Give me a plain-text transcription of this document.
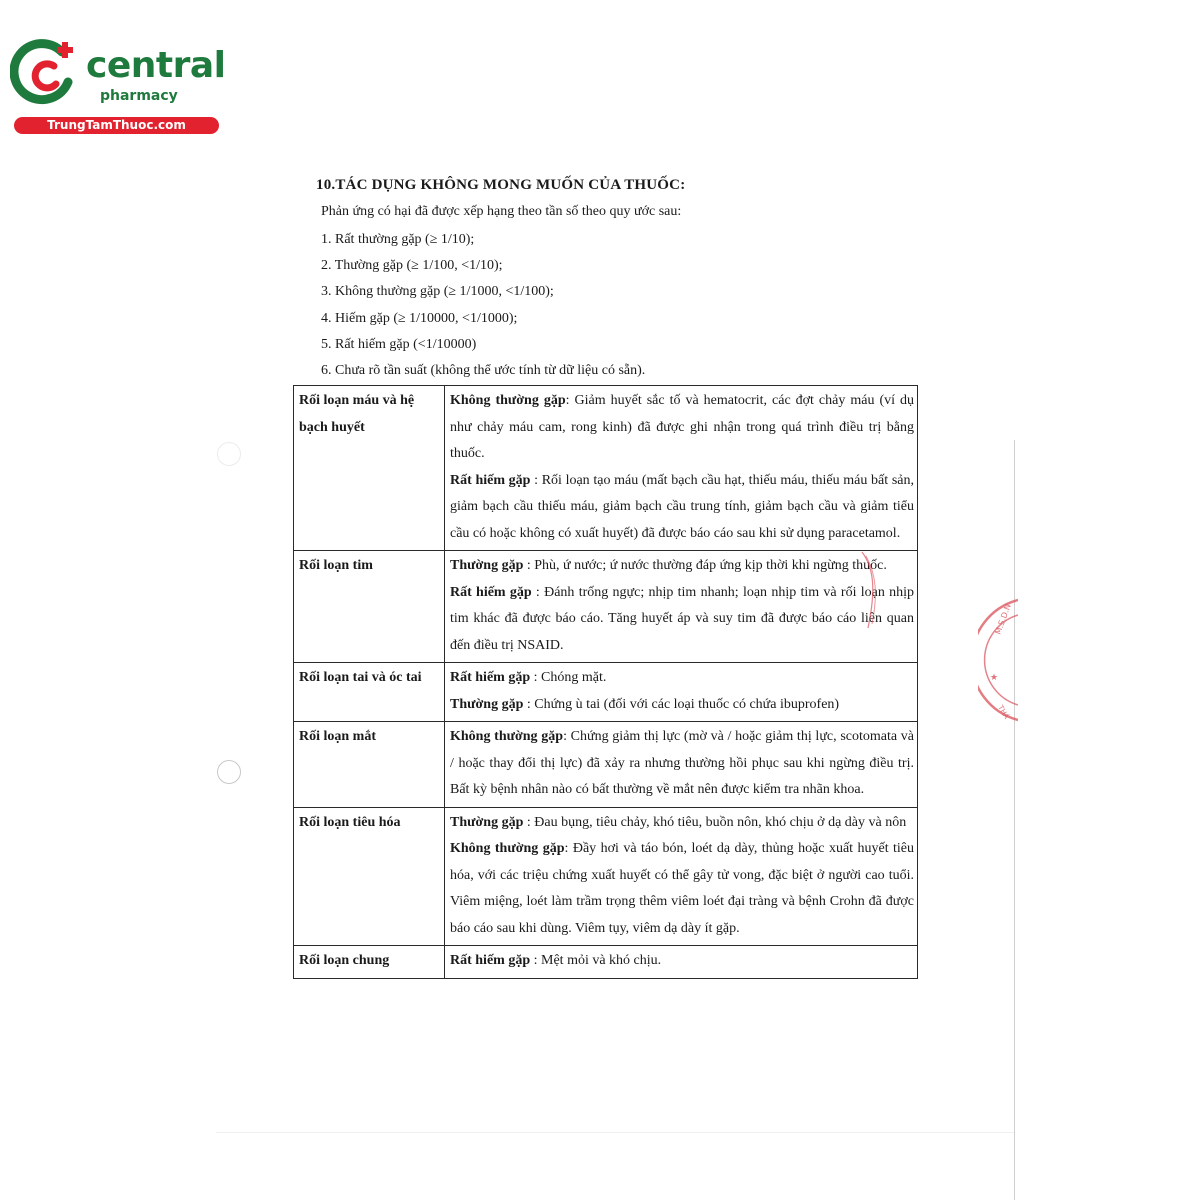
central
pharmacy
TrungTamThuoc.com
10.TÁC DỤNG KHÔNG MONG MUỐN CỦA THUỐC:
Phản ứng có hại đã được xếp hạng theo tần số theo quy ước sau:
1. Rất thường gặp (≥ 1/10);
2. Thường gặp (≥ 1/100, <1/10);
3. Không thường gặp (≥ 1/1000, <1/100);
4. Hiếm gặp (≥ 1/10000, <1/1000);
5. Rất hiếm gặp (<1/10000)
6. Chưa rõ tần suất (không thể ước tính từ dữ liệu có sẵn).
Rối loạn máu và hệ bạch huyết	Không thường gặp: Giảm huyết sắc tố và hematocrit, các đợt chảy máu (ví dụ như chảy máu cam, rong kinh) đã được ghi nhận trong quá trình điều trị bằng thuốc.

Rất hiếm gặp : Rối loạn tạo máu (mất bạch cầu hạt, thiếu máu, thiếu máu bất sản, giảm bạch cầu thiếu máu, giảm bạch cầu trung tính, giảm bạch cầu và giảm tiểu cầu có hoặc không có xuất huyết) đã được báo cáo sau khi sử dụng paracetamol.

Rối loạn tim	Thường gặp : Phù, ứ nước; ứ nước thường đáp ứng kịp thời khi ngừng thuốc.

Rất hiếm gặp : Đánh trống ngực; nhịp tim nhanh; loạn nhịp tim và rối loạn nhịp tim khác đã được báo cáo. Tăng huyết áp và suy tim đã được báo cáo liên quan đến điều trị NSAID.

Rối loạn tai và óc tai	Rất hiếm gặp : Chóng mặt.

Thường gặp : Chứng ù tai (đối với các loại thuốc có chứa ibuprofen)

Rối loạn mắt	Không thường gặp: Chứng giảm thị lực (mờ và / hoặc giảm thị lực, scotomata và / hoặc thay đổi thị lực) đã xảy ra nhưng thường hồi phục sau khi ngừng điều trị. Bất kỳ bệnh nhân nào có bất thường về mắt nên được kiểm tra nhãn khoa.

Rối loạn tiêu hóa	Thường gặp : Đau bụng, tiêu chảy, khó tiêu, buồn nôn, khó chịu ở dạ dày và nôn

Không thường gặp: Đầy hơi và táo bón, loét dạ dày, thủng hoặc xuất huyết tiêu hóa, với các triệu chứng xuất huyết có thể gây tử vong, đặc biệt ở người cao tuổi. Viêm miệng, loét làm trầm trọng thêm viêm loét đại tràng và bệnh Crohn đã được báo cáo sau khi dùng. Viêm tụy, viêm dạ dày ít gặp.

Rối loạn chung	Rất hiếm gặp : Mệt mỏi và khó chịu.

M.S.D.N
★
THÁ
